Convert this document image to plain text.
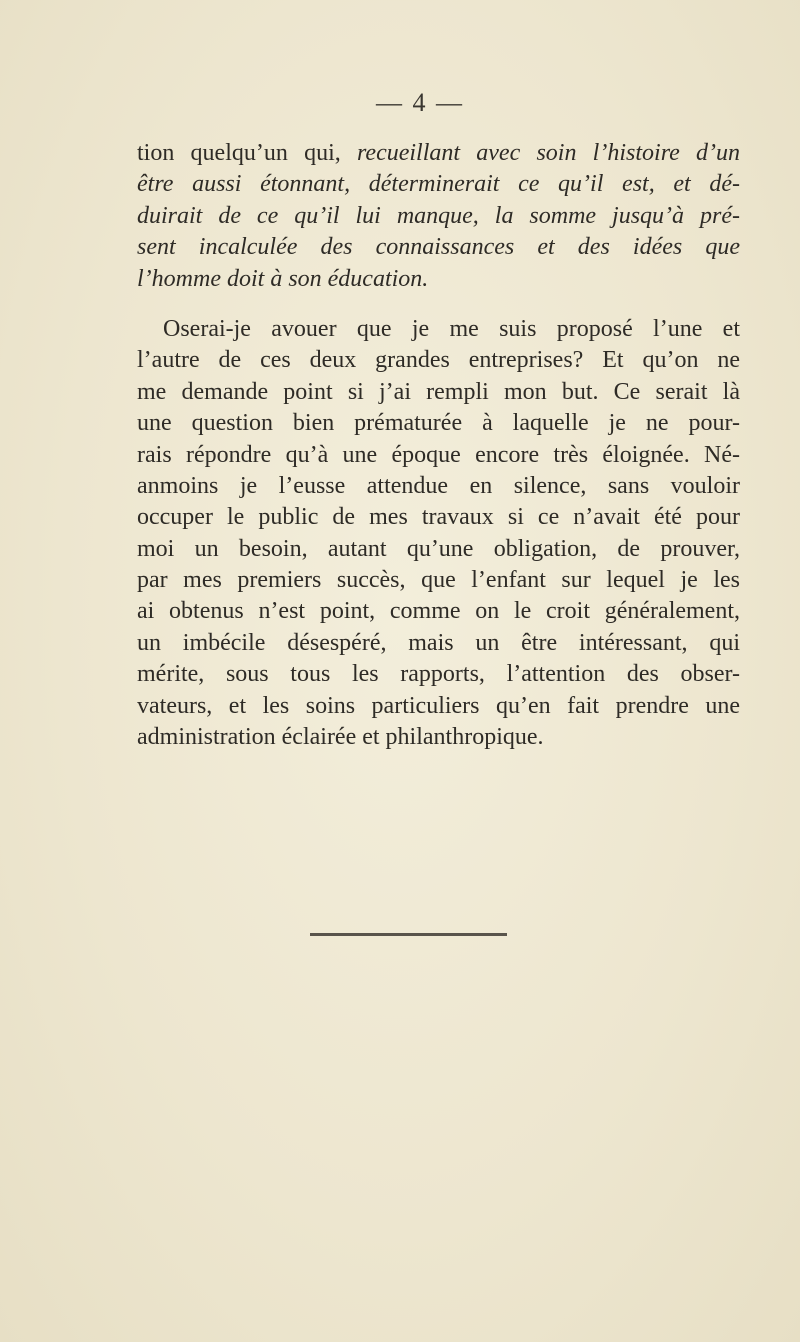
— 4 —
tion quelqu’un qui, recueillant avec soin l’histoire d’un
être aussi étonnant, déterminerait ce qu’il est, et dé-
duirait de ce qu’il lui manque, la somme jusqu’à pré-
sent incalculée des connaissances et des idées que
l’homme doit à son éducation.
Oserai-je avouer que je me suis proposé l’une et
l’autre de ces deux grandes entreprises? Et qu’on ne
me demande point si j’ai rempli mon but. Ce serait là
une question bien prématurée à laquelle je ne pour-
rais répondre qu’à une époque encore très éloignée. Né-
anmoins je l’eusse attendue en silence, sans vouloir
occuper le public de mes travaux si ce n’avait été pour
moi un besoin, autant qu’une obligation, de prouver,
par mes premiers succès, que l’enfant sur lequel je les
ai obtenus n’est point, comme on le croit généralement,
un imbécile désespéré, mais un être intéressant, qui
mérite, sous tous les rapports, l’attention des obser-
vateurs, et les soins particuliers qu’en fait prendre une
administration éclairée et philanthropique.
